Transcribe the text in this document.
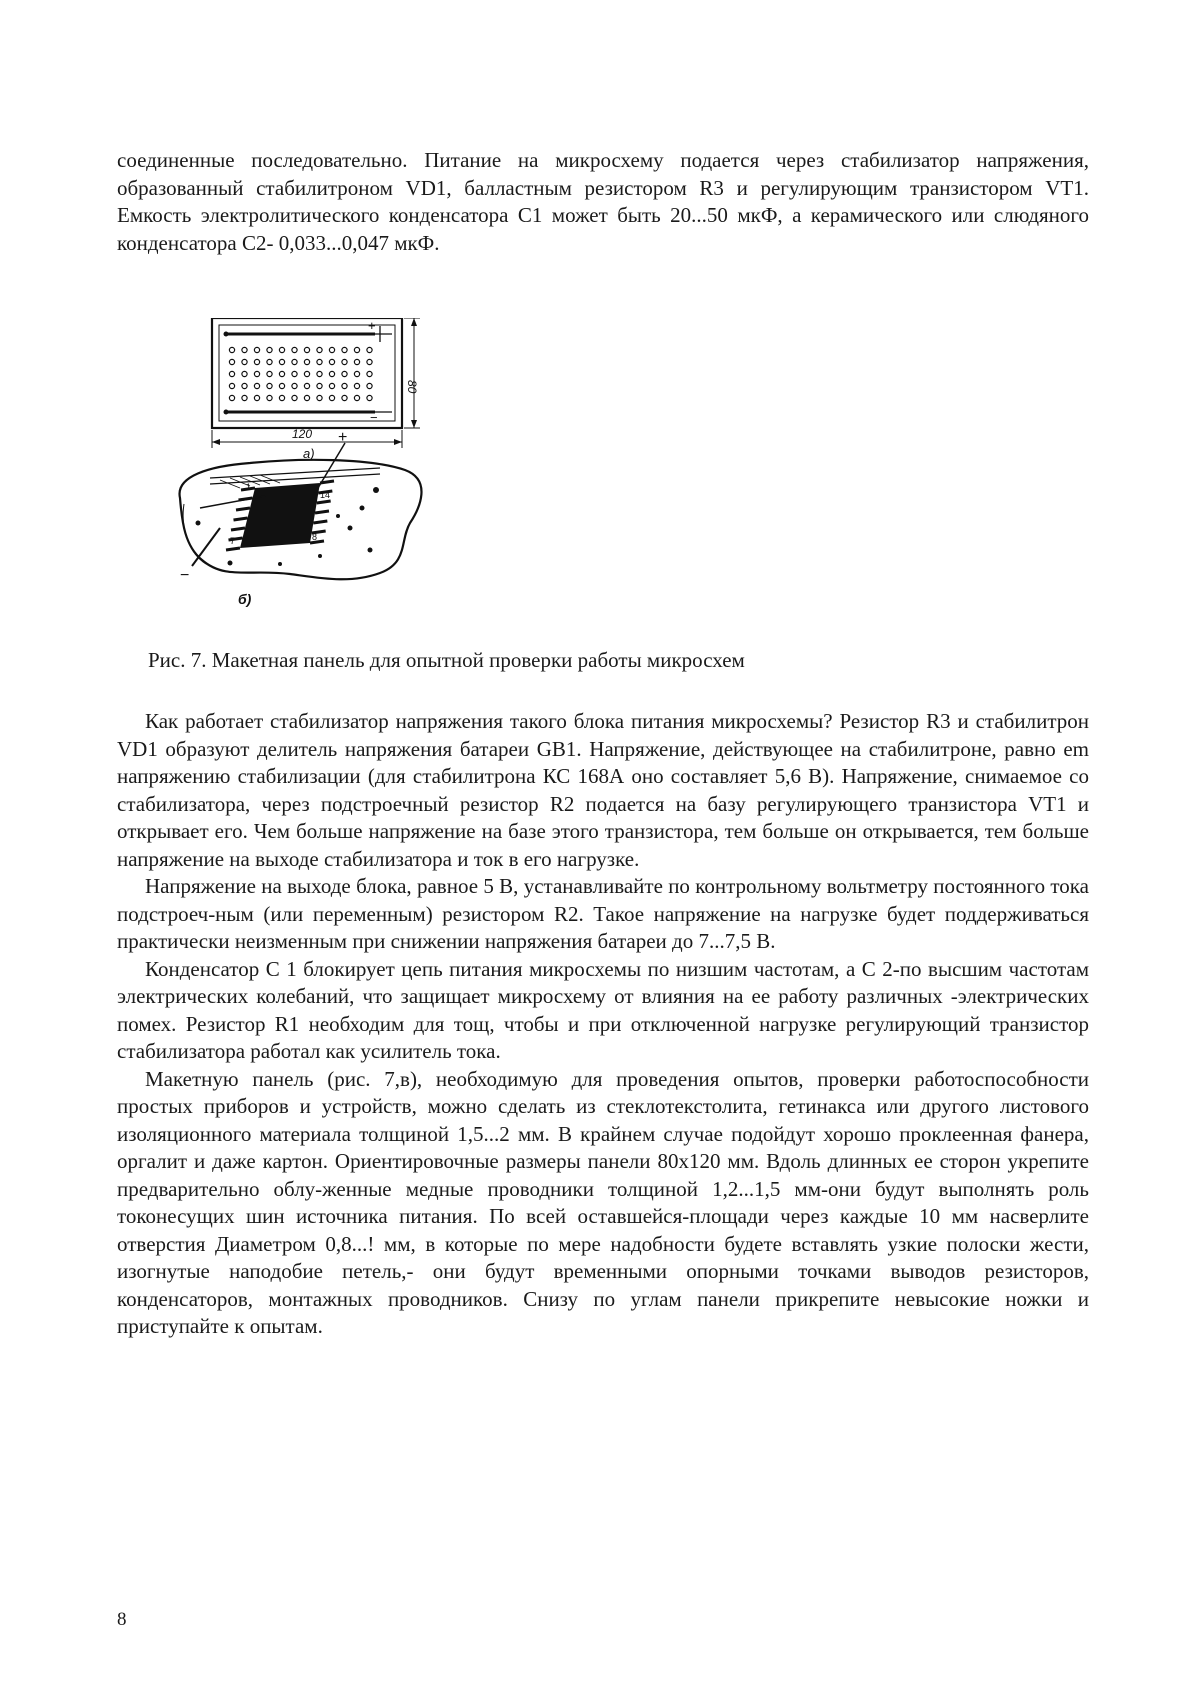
соединенные последовательно. Питание на микросхему подается через стабилизатор напряжения, образованный стабилитроном VD1, балластным резистором R3 и регулирующим транзистором VT1. Емкость электролитического конденсатора С1 может быть 20...50 мкФ, а керамического или слюдяного конденсатора С2- 0,033...0,047 мкФ.

+
−
120
80
а)
+
−
14
8
1
7
б)
Рис. 7. Макетная панель для опытной проверки работы микросхем

Как работает стабилизатор напряжения такого блока питания микросхемы? Резистор R3 и стабилитрон VD1 образуют делитель напряжения батареи GB1. Напряжение, действующее на стабилитроне, равно em напряжению стабилизации (для стабилитрона КС 168А оно составляет 5,6 В). Напряжение, снимаемое со стабилизатора, через подстроечный резистор R2 подается на базу регулирующего транзистора VT1 и открывает его. Чем больше напряжение на базе этого транзистора, тем больше он открывается, тем больше напряжение на выходе стабилизатора и ток в его нагрузке.

Напряжение на выходе блока, равное 5 В, устанавливайте по контрольному вольтметру постоянного тока подстроеч-ным (или переменным) резистором R2. Такое напряжение на нагрузке будет поддерживаться практически неизменным при снижении напряжения батареи до 7...7,5 В.

Конденсатор С 1 блокирует цепь питания микросхемы по низшим частотам, а С 2-по высшим частотам электрических колебаний, что защищает микросхему от влияния на ее работу различных -электрических помех. Резистор R1 необходим для тощ, чтобы и при отключенной нагрузке регулирующий транзистор стабилизатора работал как усилитель тока.

Макетную панель (рис. 7,в), необходимую для проведения опытов, проверки работоспособности простых приборов и устройств, можно сделать из стеклотекстолита, гетинакса или другого листового изоляционного материала толщиной 1,5...2 мм. В крайнем случае подойдут хорошо проклеенная фанера, оргалит и даже картон. Ориентировочные размеры панели 80х120 мм. Вдоль длинных ее сторон укрепите предварительно облу-женные медные проводники толщиной 1,2...1,5 мм-они будут выполнять роль токонесущих шин источника питания. По всей оставшейся-площади через каждые 10 мм насверлите отверстия Диаметром 0,8...! мм, в которые по мере надобности будете вставлять узкие полоски жести, изогнутые наподобие петель,- они будут временными опорными точками выводов резисторов, конденсаторов, монтажных проводников. Снизу по углам панели прикрепите невысокие ножки и приступайте к опытам.

8
